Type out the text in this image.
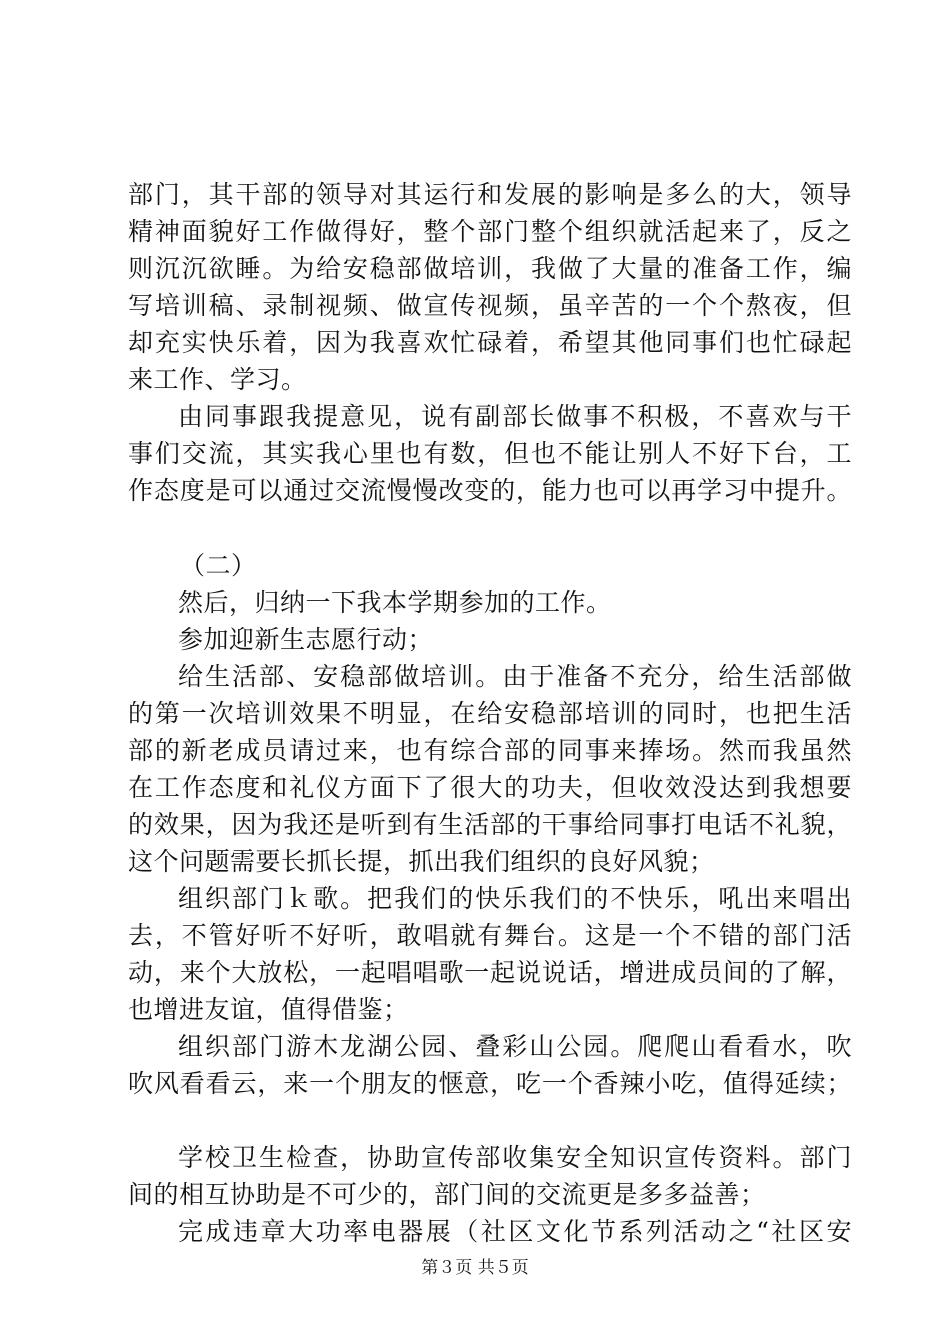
部门，其干部的领导对其运行和发展的影响是多么的大，领导
精神面貌好工作做得好，整个部门整个组织就活起来了，反之
则沉沉欲睡。为给安稳部做培训，我做了大量的准备工作，编
写培训稿、录制视频、做宣传视频，虽辛苦的一个个熬夜，但
却充实快乐着，因为我喜欢忙碌着，希望其他同事们也忙碌起
来工作、学习。
由同事跟我提意见，说有副部长做事不积极，不喜欢与干
事们交流，其实我心里也有数，但也不能让别人不好下台，工
作态度是可以通过交流慢慢改变的，能力也可以再学习中提升。
（二）
然后，归纳一下我本学期参加的工作。
参加迎新生志愿行动；
给生活部、安稳部做培训。由于准备不充分，给生活部做
的第一次培训效果不明显，在给安稳部培训的同时，也把生活
部的新老成员请过来，也有综合部的同事来捧场。然而我虽然
在工作态度和礼仪方面下了很大的功夫，但收效没达到我想要
的效果，因为我还是听到有生活部的干事给同事打电话不礼貌，
这个问题需要长抓长提，抓出我们组织的良好风貌；
组织部门ｋ歌。把我们的快乐我们的不快乐，吼出来唱出
去，不管好听不好听，敢唱就有舞台。这是一个不错的部门活
动，来个大放松，一起唱唱歌一起说说话，增进成员间的了解，
也增进友谊，值得借鉴；
组织部门游木龙湖公园、叠彩山公园。爬爬山看看水，吹
吹风看看云，来一个朋友的惬意，吃一个香辣小吃，值得延续；
学校卫生检查，协助宣传部收集安全知识宣传资料。部门
间的相互协助是不可少的，部门间的交流更是多多益善；
完成违章大功率电器展（社区文化节系列活动之“社区安
第３页 共５页
